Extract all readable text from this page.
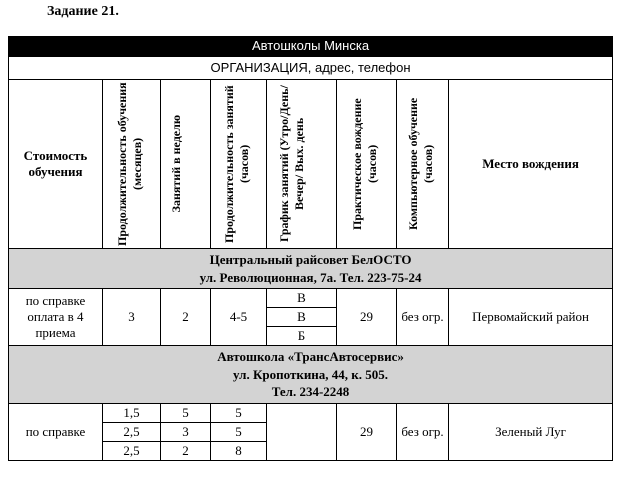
Задание 21.
Автошколы Минска							
ОРГАНИЗАЦИЯ, адрес, телефон							
Стоимость обучения	Продолжительность обучения (месяцев)	Занятий в неделю	Продолжительность занятий (часов)	График занятий (Утро/День/Вечер/ Вых. день	Практическое вождение (часов)	Компьютерное обучение (часов)	Место вождения

Центральный райсовет БелОСТО
ул. Революционная, 7а. Тел. 223-75-24							

по справке оплата в 4 приема	3	2	4-5	В	29	без огр.	Первомайский район
				В			
				Б			

Автошкола «ТрансАвтосервис»
ул. Кропоткина, 44, к. 505.
Тел. 234-2248							

по справке	1,5	5	5		29	без огр.	Зеленый Луг
	2,5	3	5				
	2,5	2	8				
